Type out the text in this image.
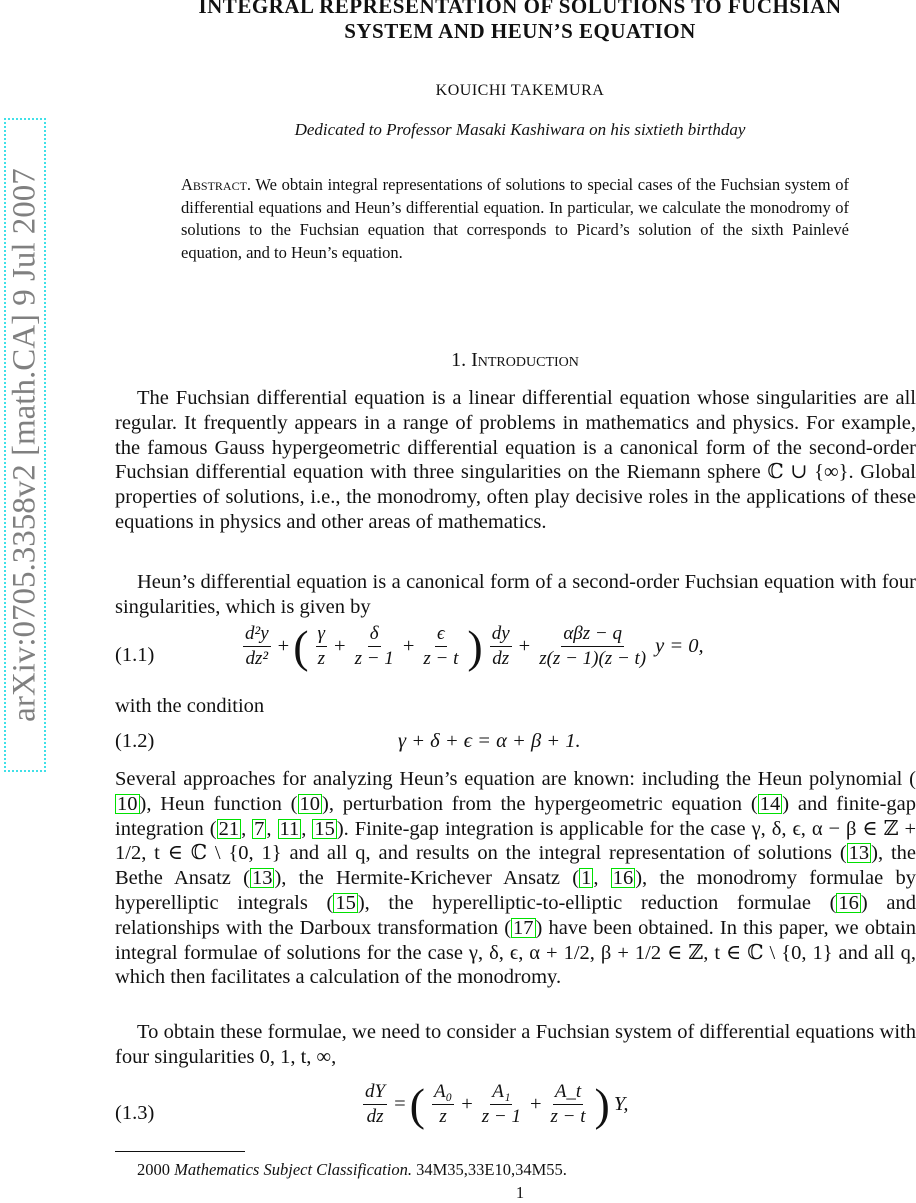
arXiv:0705.3358v2 [math.CA] 9 Jul 2007
INTEGRAL REPRESENTATION OF SOLUTIONS TO FUCHSIAN
SYSTEM AND HEUN’S EQUATION
KOUICHI TAKEMURA
Dedicated to Professor Masaki Kashiwara on his sixtieth birthday
Abstract. We obtain integral representations of solutions to special cases of the Fuchsian system of differential equations and Heun’s differential equation. In particular, we calculate the monodromy of solutions to the Fuchsian equation that corresponds to Picard’s solution of the sixth Painlevé equation, and to Heun’s equation.
1. Introduction
The Fuchsian differential equation is a linear differential equation whose singularities are all regular. It frequently appears in a range of problems in mathematics and physics. For example, the famous Gauss hypergeometric differential equation is a canonical form of the second-order Fuchsian differential equation with three singularities on the Riemann sphere ℂ ∪ {∞}. Global properties of solutions, i.e., the monodromy, often play decisive roles in the applications of these equations in physics and other areas of mathematics.
Heun’s differential equation is a canonical form of a second-order Fuchsian equation with four singularities, which is given by
(1.1)	$\frac{\text{d²y}}{\text{dz²}}$ + ( $\frac{\gamma}{z} + \frac{\delta}{z - 1} + \frac{\epsilon}{z - t}$ ) $\frac{dy}{dz} + \frac{\text{αβz − q}}{z(z - 1)(z - t)}$ y = 0,
with the condition
(1.2)	γ + δ + ϵ = α + β + 1.
Several approaches for analyzing Heun’s equation are known: including the Heun polynomial (10), Heun function (10), perturbation from the hypergeometric equation (14) and finite-gap integration (21, 7, 11, 15). Finite-gap integration is applicable for the case γ, δ, ϵ, α − β ∈ ℤ + 1/2, t ∈ ℂ \ {0, 1} and all q, and results on the integral representation of solutions (13), the Bethe Ansatz (13), the Hermite-Krichever Ansatz (1, 16), the monodromy formulae by hyperelliptic integrals (15), the hyperelliptic-to-elliptic reduction formulae (16) and relationships with the Darboux transformation (17) have been obtained. In this paper, we obtain integral formulae of solutions for the case γ, δ, ϵ, α + 1/2, β + 1/2 ∈ ℤ, t ∈ ℂ \ {0, 1} and all q, which then facilitates a calculation of the monodromy.
To obtain these formulae, we need to consider a Fuchsian system of differential equations with four singularities 0, 1, t, ∞,
(1.3)	$\frac{dY}{dz}$ = ( $\frac{\text{A₀}}{z} + \frac{\text{A₁}}{z - 1} + \frac{A\_t}{z - t}$ ) Y,
2000 Mathematics Subject Classification. 34M35,33E10,34M55.
1
